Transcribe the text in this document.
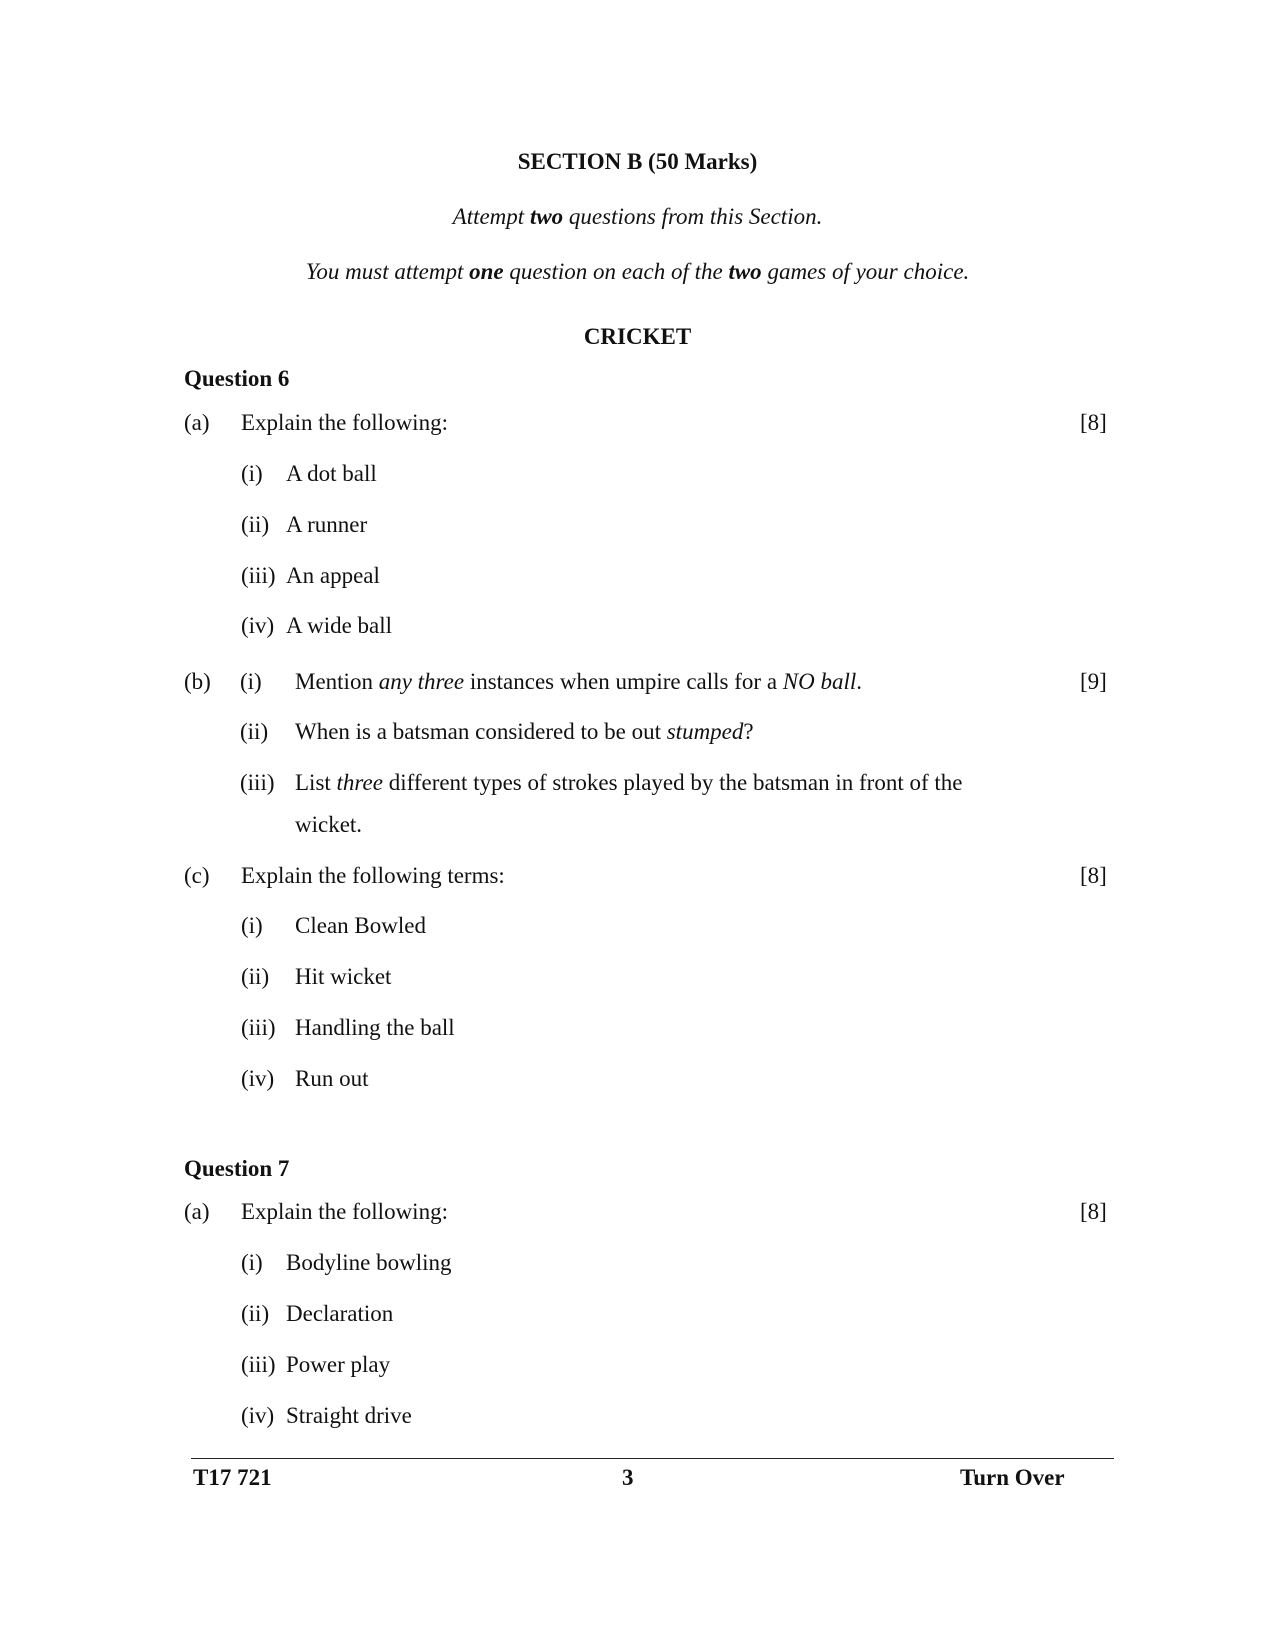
SECTION B (50 Marks)
Attempt two questions from this Section.
You must attempt one question on each of the two games of your choice.
CRICKET
Question 6
(a) Explain the following:	[8]
(i) A dot ball
(ii) A runner
(iii) An appeal
(iv) A wide ball
(b) (i) Mention any three instances when umpire calls for a NO ball.	[9]
(ii) When is a batsman considered to be out stumped?
(iii) List three different types of strokes played by the batsman in front of the
wicket.
(c) Explain the following terms:	[8]
(i) Clean Bowled
(ii) Hit wicket
(iii) Handling the ball
(iv) Run out
Question 7
(a) Explain the following:	[8]
(i) Bodyline bowling
(ii) Declaration
(iii) Power play
(iv) Straight drive
T17 721	3	Turn Over
